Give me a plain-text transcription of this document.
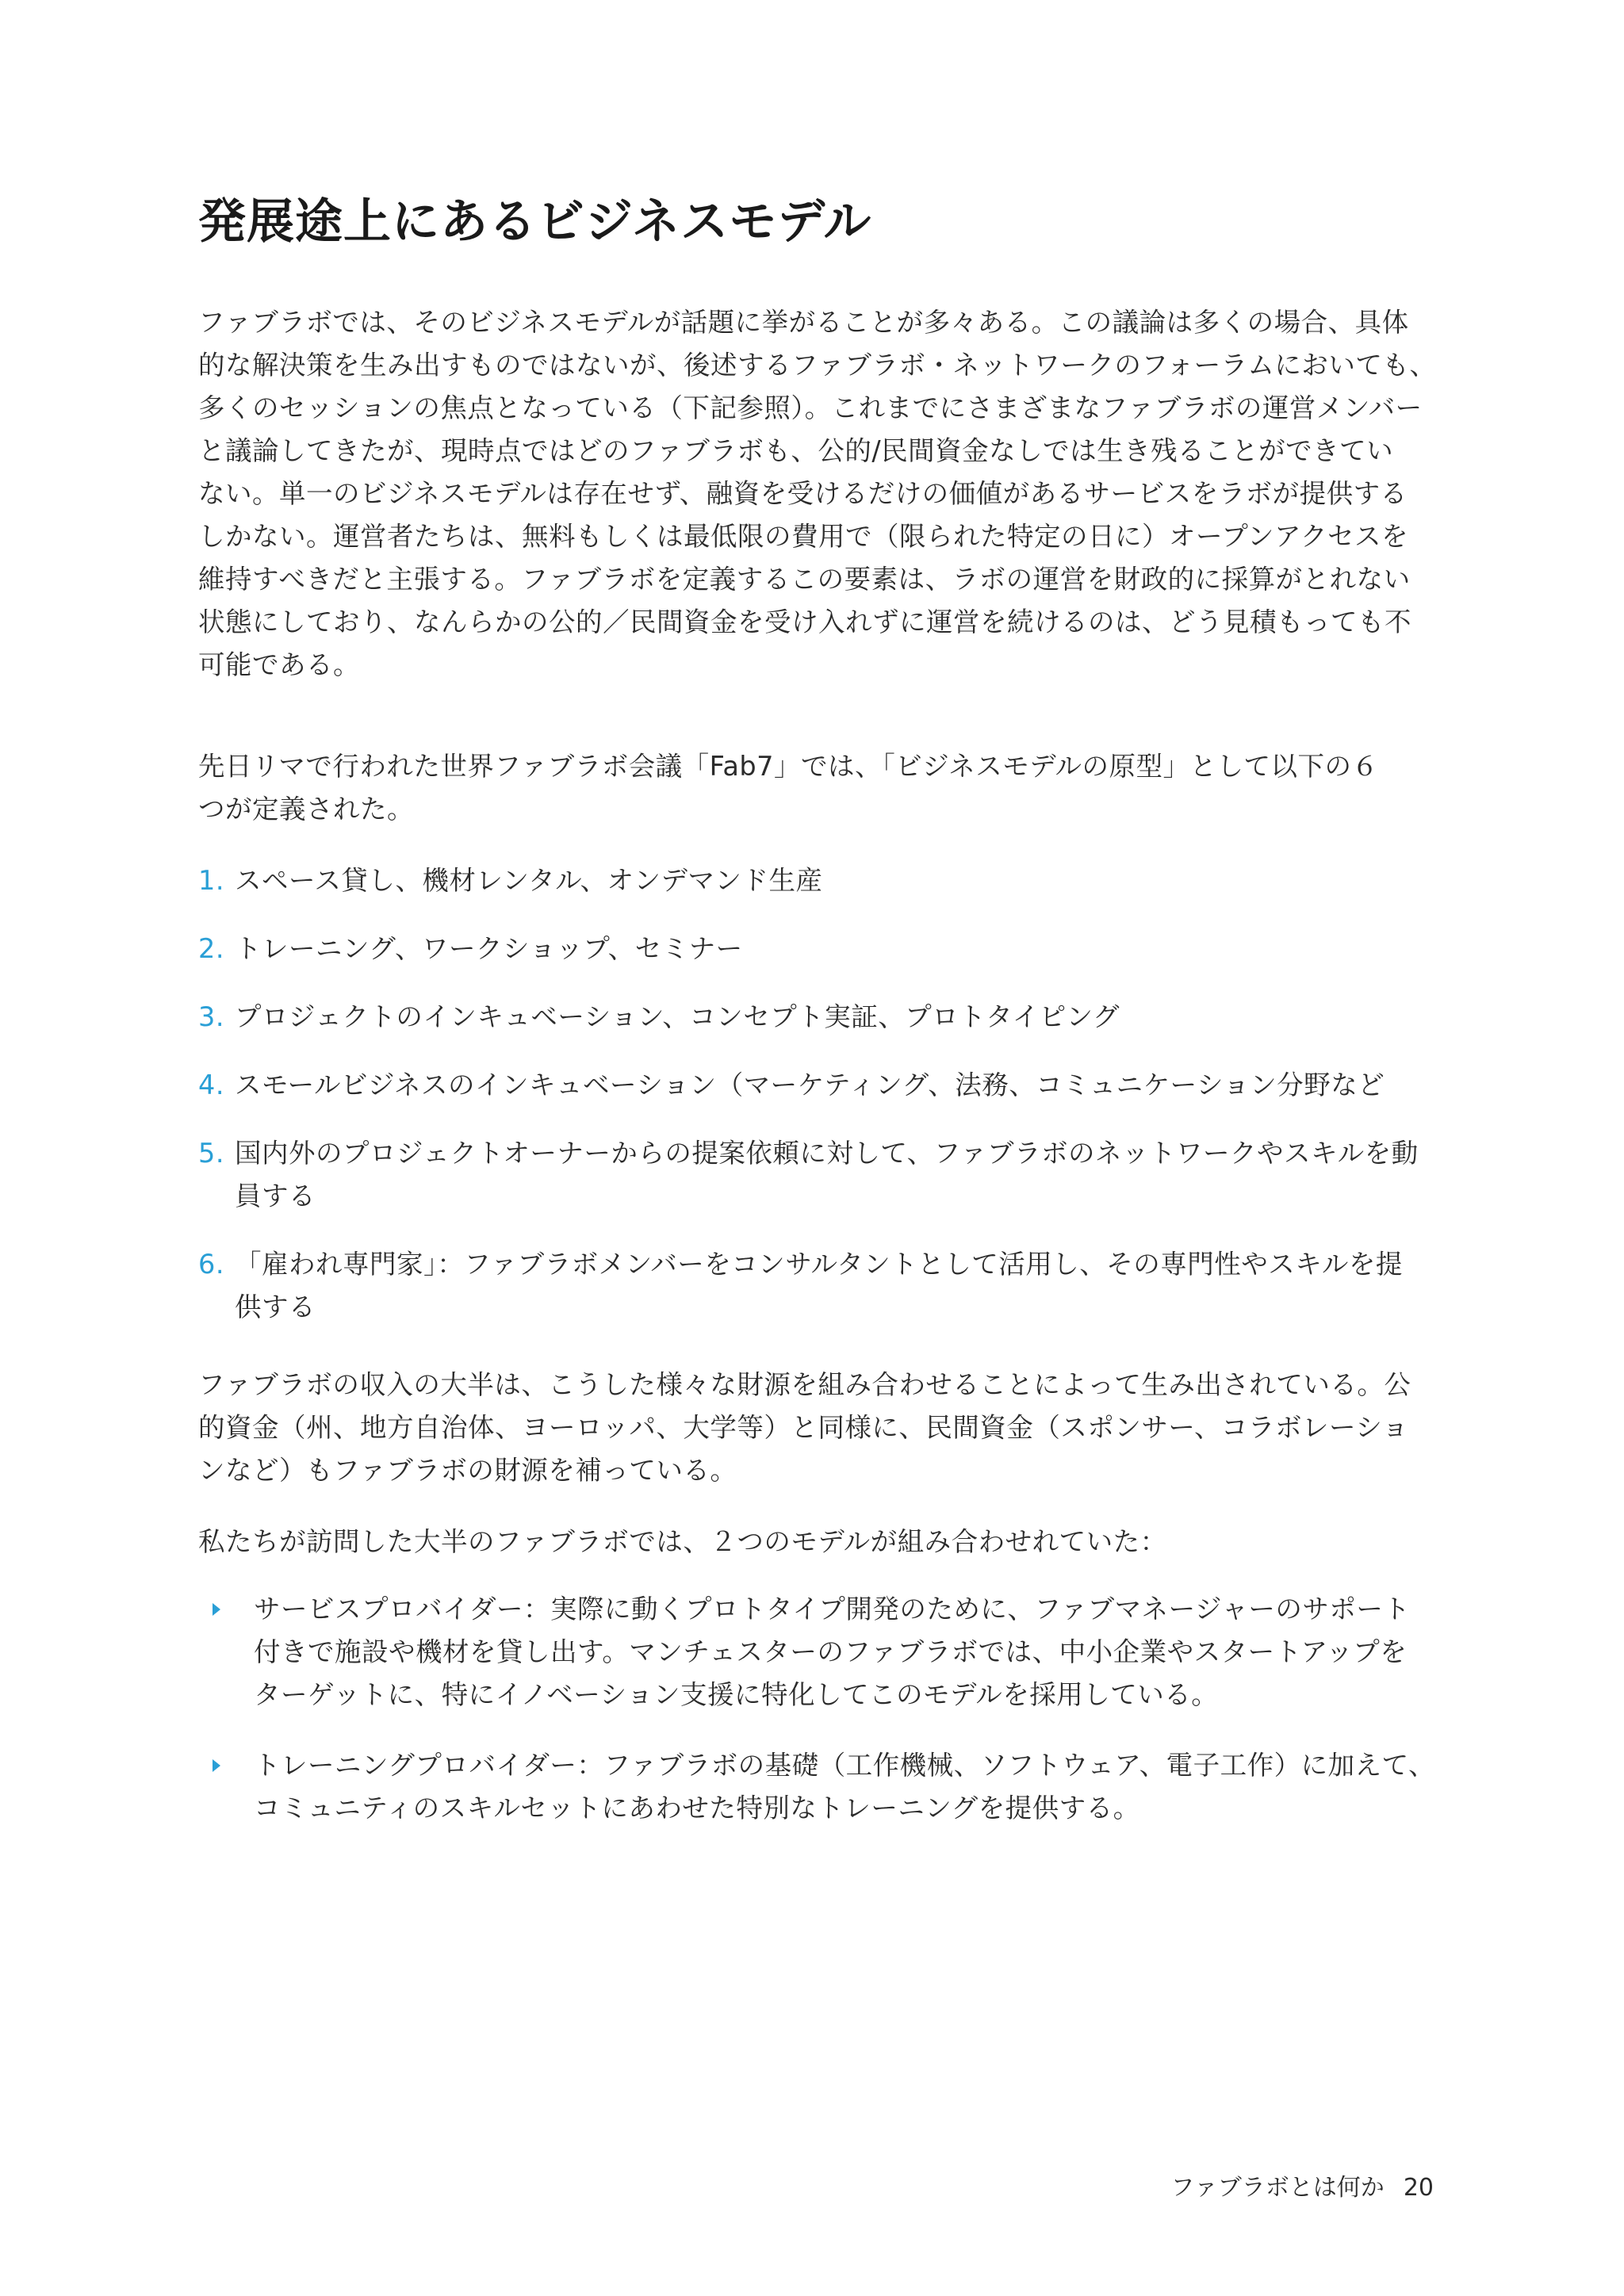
発展途上にあるビジネスモデル
ファブラボでは、そのビジネスモデルが話題に挙がることが多々ある。この議論は多くの場合、具体
的な解決策を生み出すものではないが、後述するファブラボ・ネットワークのフォーラムにおいても、
多くのセッションの焦点となっている（下記参照）。これまでにさまざまなファブラボの運営メンバー
と議論してきたが、現時点ではどのファブラボも、公的/民間資金なしでは生き残ることができてい
ない。単一のビジネスモデルは存在せず、融資を受けるだけの価値があるサービスをラボが提供する
しかない。運営者たちは、無料もしくは最低限の費用で（限られた特定の日に）オープンアクセスを
維持すべきだと主張する。ファブラボを定義するこの要素は、ラボの運営を財政的に採算がとれない
状態にしており、なんらかの公的／民間資金を受け入れずに運営を続けるのは、どう見積もっても不
可能である。
先日リマで行われた世界ファブラボ会議「Fab7」では、「ビジネスモデルの原型」として以下の６
つが定義された。
1. スペース貸し、機材レンタル、オンデマンド生産
2. トレーニング、ワークショップ、セミナー
3. プロジェクトのインキュベーション、コンセプト実証、プロトタイピング
4. スモールビジネスのインキュベーション（マーケティング、法務、コミュニケーション分野など
5. 国内外のプロジェクトオーナーからの提案依頼に対して、ファブラボのネットワークやスキルを動
員する
6. 「雇われ専門家」：ファブラボメンバーをコンサルタントとして活用し、その専門性やスキルを提
供する
ファブラボの収入の大半は、こうした様々な財源を組み合わせることによって生み出されている。公
的資金（州、地方自治体、ヨーロッパ、大学等）と同様に、民間資金（スポンサー、コラボレーショ
ンなど）もファブラボの財源を補っている。
私たちが訪問した大半のファブラボでは、２つのモデルが組み合わせれていた：
サービスプロバイダー：実際に動くプロトタイプ開発のために、ファブマネージャーのサポート
付きで施設や機材を貸し出す。マンチェスターのファブラボでは、中小企業やスタートアップを
ターゲットに、特にイノベーション支援に特化してこのモデルを採用している。
トレーニングプロバイダー：ファブラボの基礎（工作機械、ソフトウェア、電子工作）に加えて、
コミュニティのスキルセットにあわせた特別なトレーニングを提供する。
ファブラボとは何か 20
